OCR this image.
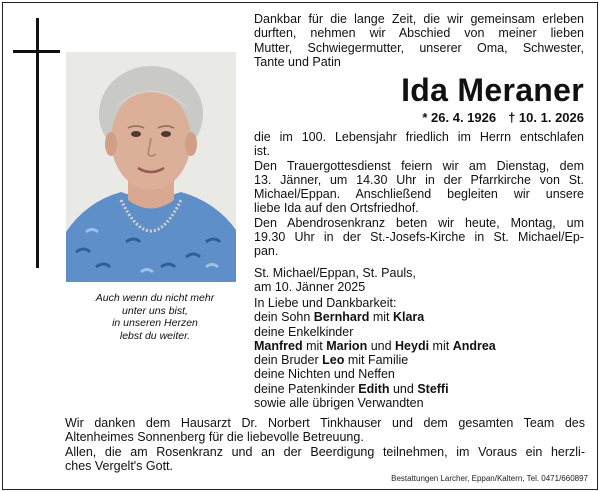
Auch wenn du nicht mehr
unter uns bist,
in unseren Herzen
lebst du weiter.
Dankbar für die lange Zeit, die wir gemeinsam erleben
durften, nehmen wir Abschied von meiner lieben
Mutter, Schwiegermutter, unserer Oma, Schwester,
Tante und Patin
Ida Meraner
* 26. 4. 1926 † 10. 1. 2026
die im 100. Lebensjahr friedlich im Herrn entschlafen
ist.
Den Trauergottesdienst feiern wir am Dienstag, dem
13. Jänner, um 14.30 Uhr in der Pfarrkirche von St.
Michael/Eppan. Anschließend begleiten wir unsere
liebe Ida auf den Ortsfriedhof.
Den Abendrosenkranz beten wir heute, Montag, um
19.30 Uhr in der St.-Josefs-Kirche in St. Michael/Ep-
pan.
St. Michael/Eppan, St. Pauls,
am 10. Jänner 2025
In Liebe und Dankbarkeit:
dein Sohn Bernhard mit Klara
deine Enkelkinder
Manfred mit Marion und Heydi mit Andrea
dein Bruder Leo mit Familie
deine Nichten und Neffen
deine Patenkinder Edith und Steffi
sowie alle übrigen Verwandten
Wir danken dem Hausarzt Dr. Norbert Tinkhauser und dem gesamten Team des
Altenheimes Sonnenberg für die liebevolle Betreuung.
Allen, die am Rosenkranz und an der Beerdigung teilnehmen, im Voraus ein herzli-
ches Vergelt's Gott.
Bestattungen Larcher, Eppan/Kaltern, Tel. 0471/660897
